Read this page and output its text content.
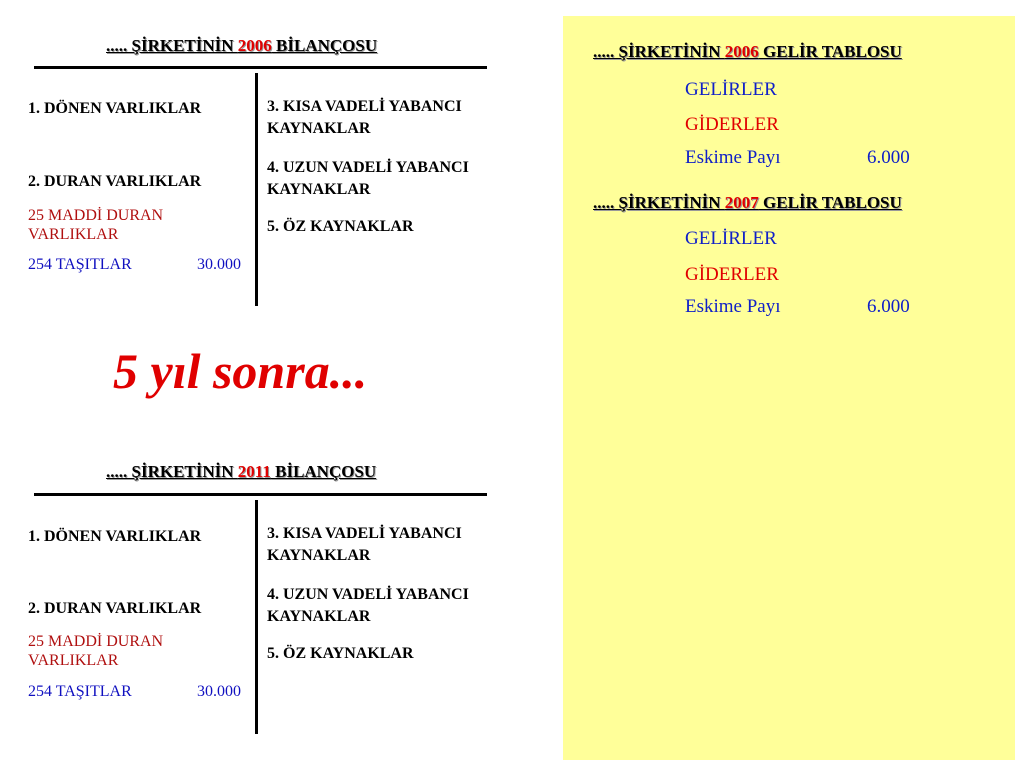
..... ŞİRKETİNİN 2006 BİLANÇOSU
1. DÖNEN VARLIKLAR
2. DURAN VARLIKLAR
25 MADDİ DURAN VARLIKLAR
254 TAŞITLAR	30.000
3. KISA VADELİ YABANCI KAYNAKLAR
4. UZUN VADELİ YABANCI KAYNAKLAR
5. ÖZ KAYNAKLAR
5 yıl sonra...
..... ŞİRKETİNİN 2011 BİLANÇOSU
1. DÖNEN VARLIKLAR
2. DURAN VARLIKLAR
25 MADDİ DURAN VARLIKLAR
254 TAŞITLAR	30.000
3. KISA VADELİ YABANCI KAYNAKLAR
4. UZUN VADELİ YABANCI KAYNAKLAR
5. ÖZ KAYNAKLAR
..... ŞİRKETİNİN 2006 GELİR TABLOSU
GELİRLER
GİDERLER
Eskime Payı	6.000
..... ŞİRKETİNİN 2007 GELİR TABLOSU
GELİRLER
GİDERLER
Eskime Payı	6.000
